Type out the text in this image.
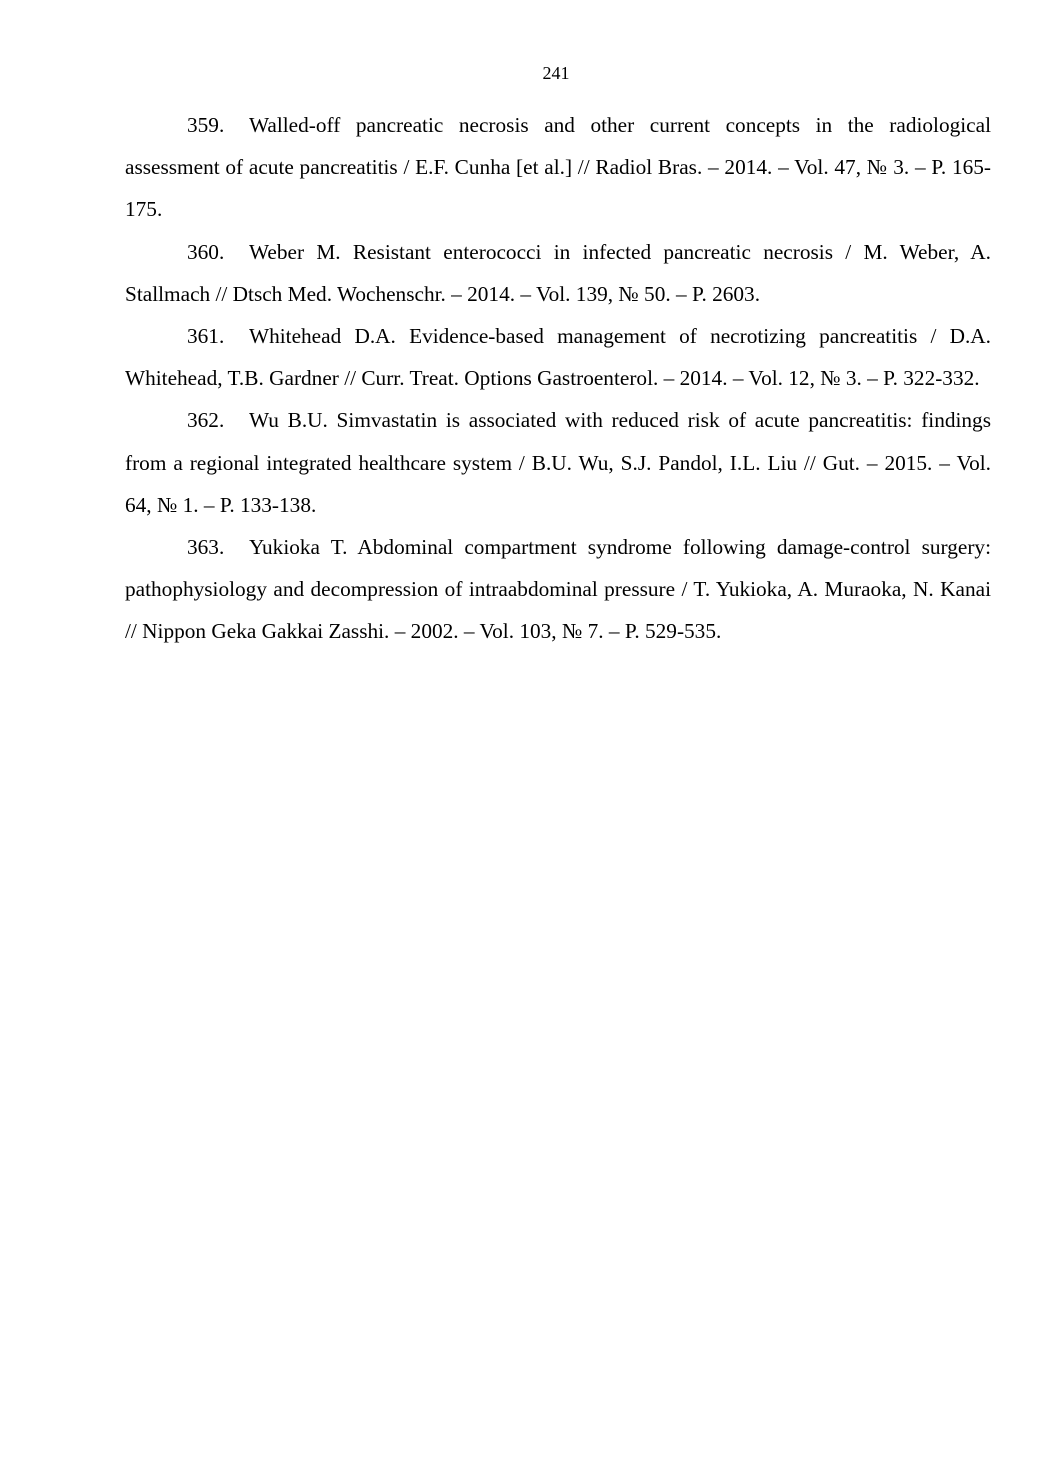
241

359. Walled-off pancreatic necrosis and other current concepts in the radiological assessment of acute pancreatitis / E.F. Cunha [et al.] // Radiol Bras. – 2014. – Vol. 47, № 3. – P. 165-175.

360. Weber M. Resistant enterococci in infected pancreatic necrosis / M. Weber, A. Stallmach // Dtsch Med. Wochenschr. – 2014. – Vol. 139, № 50. – P. 2603.

361. Whitehead D.A. Evidence-based management of necrotizing pancreatitis / D.A. Whitehead, T.B. Gardner // Curr. Treat. Options Gastroenterol. – 2014. – Vol. 12, № 3. – P. 322-332.

362. Wu B.U. Simvastatin is associated with reduced risk of acute pancreatitis: findings from a regional integrated healthcare system / B.U. Wu, S.J. Pandol, I.L. Liu // Gut. – 2015. – Vol. 64, № 1. – P. 133-138.

363. Yukioka T. Abdominal compartment syndrome following damage-control surgery: pathophysiology and decompression of intraabdominal pressure / T. Yukioka, A. Muraoka, N. Kanai // Nippon Geka Gakkai Zasshi. – 2002. – Vol. 103, № 7. – P. 529-535.
